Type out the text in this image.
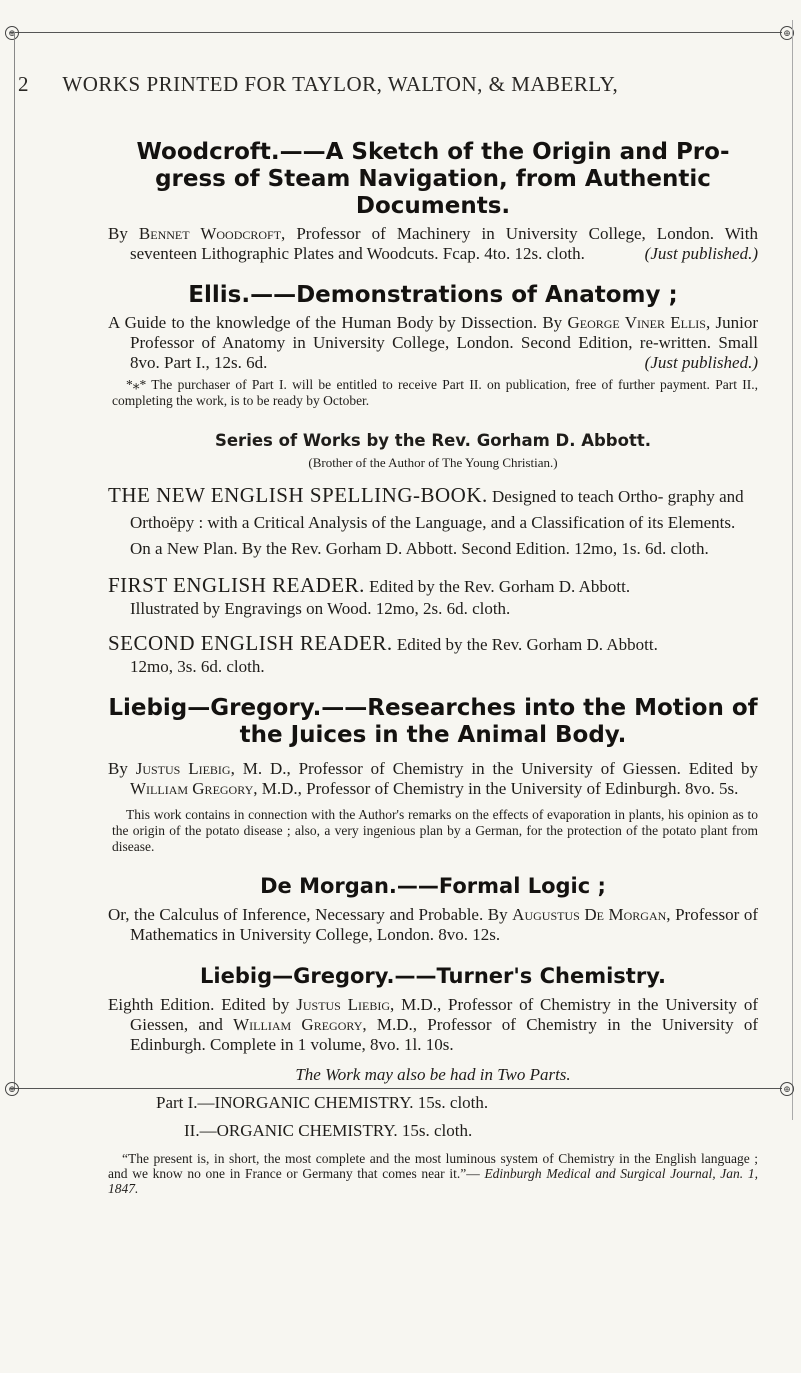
⊕	⊕
2 WORKS PRINTED FOR TAYLOR, WALTON, & MABERLY,

Woodcroft.——A Sketch of the Origin and Pro- gress of Steam Navigation, from Authentic Documents.

By Bennet Woodcroft, Professor of Machinery in University College, London. With seventeen Lithographic Plates and Woodcuts. Fcap. 4to. 12s. cloth.	(Just published.)

Ellis.——Demonstrations of Anatomy ;

A Guide to the knowledge of the Human Body by Dissection. By George Viner Ellis, Junior Professor of Anatomy in University College, London. Second Edition, re-written. Small 8vo. Part I., 12s. 6d.	(Just published.)

*⁎* The purchaser of Part I. will be entitled to receive Part II. on publication, free of further payment. Part II., completing the work, is to be ready by October.

Series of Works by the Rev. Gorham D. Abbott.

(Brother of the Author of The Young Christian.)

THE NEW ENGLISH SPELLING-BOOK. Designed to teach Ortho- graphy and Orthoëpy : with a Critical Analysis of the Language, and a Classification of its Elements. On a New Plan. By the Rev. Gorham D. Abbott. Second Edition. 12mo, 1s. 6d. cloth.

FIRST ENGLISH READER. Edited by the Rev. Gorham D. Abbott.
Illustrated by Engravings on Wood. 12mo, 2s. 6d. cloth.

SECOND ENGLISH READER. Edited by the Rev. Gorham D. Abbott.
12mo, 3s. 6d. cloth.

Liebig—Gregory.——Researches into the Motion of the Juices in the Animal Body.

By Justus Liebig, M. D., Professor of Chemistry in the University of Giessen. Edited by William Gregory, M.D., Professor of Chemistry in the University of Edinburgh. 8vo. 5s.

This work contains in connection with the Author's remarks on the effects of evaporation in plants, his opinion as to the origin of the potato disease ; also, a very ingenious plan by a German, for the protection of the potato plant from disease.

De Morgan.——Formal Logic ;

Or, the Calculus of Inference, Necessary and Probable. By Augustus De Morgan, Professor of Mathematics in University College, London. 8vo. 12s.

Liebig—Gregory.——Turner's Chemistry.

Eighth Edition. Edited by Justus Liebig, M.D., Professor of Chemistry in the University of Giessen, and William Gregory, M.D., Professor of Chemistry in the University of Edinburgh. Complete in 1 volume, 8vo. 1l. 10s.

The Work may also be had in Two Parts.

Part I.—INORGANIC CHEMISTRY. 15s. cloth.

II.—ORGANIC CHEMISTRY. 15s. cloth.

“The present is, in short, the most complete and the most luminous system of Chemistry in the English language ; and we know no one in France or Germany that comes near it.”— Edinburgh Medical and Surgical Journal, Jan. 1, 1847.

⊕	⊕
